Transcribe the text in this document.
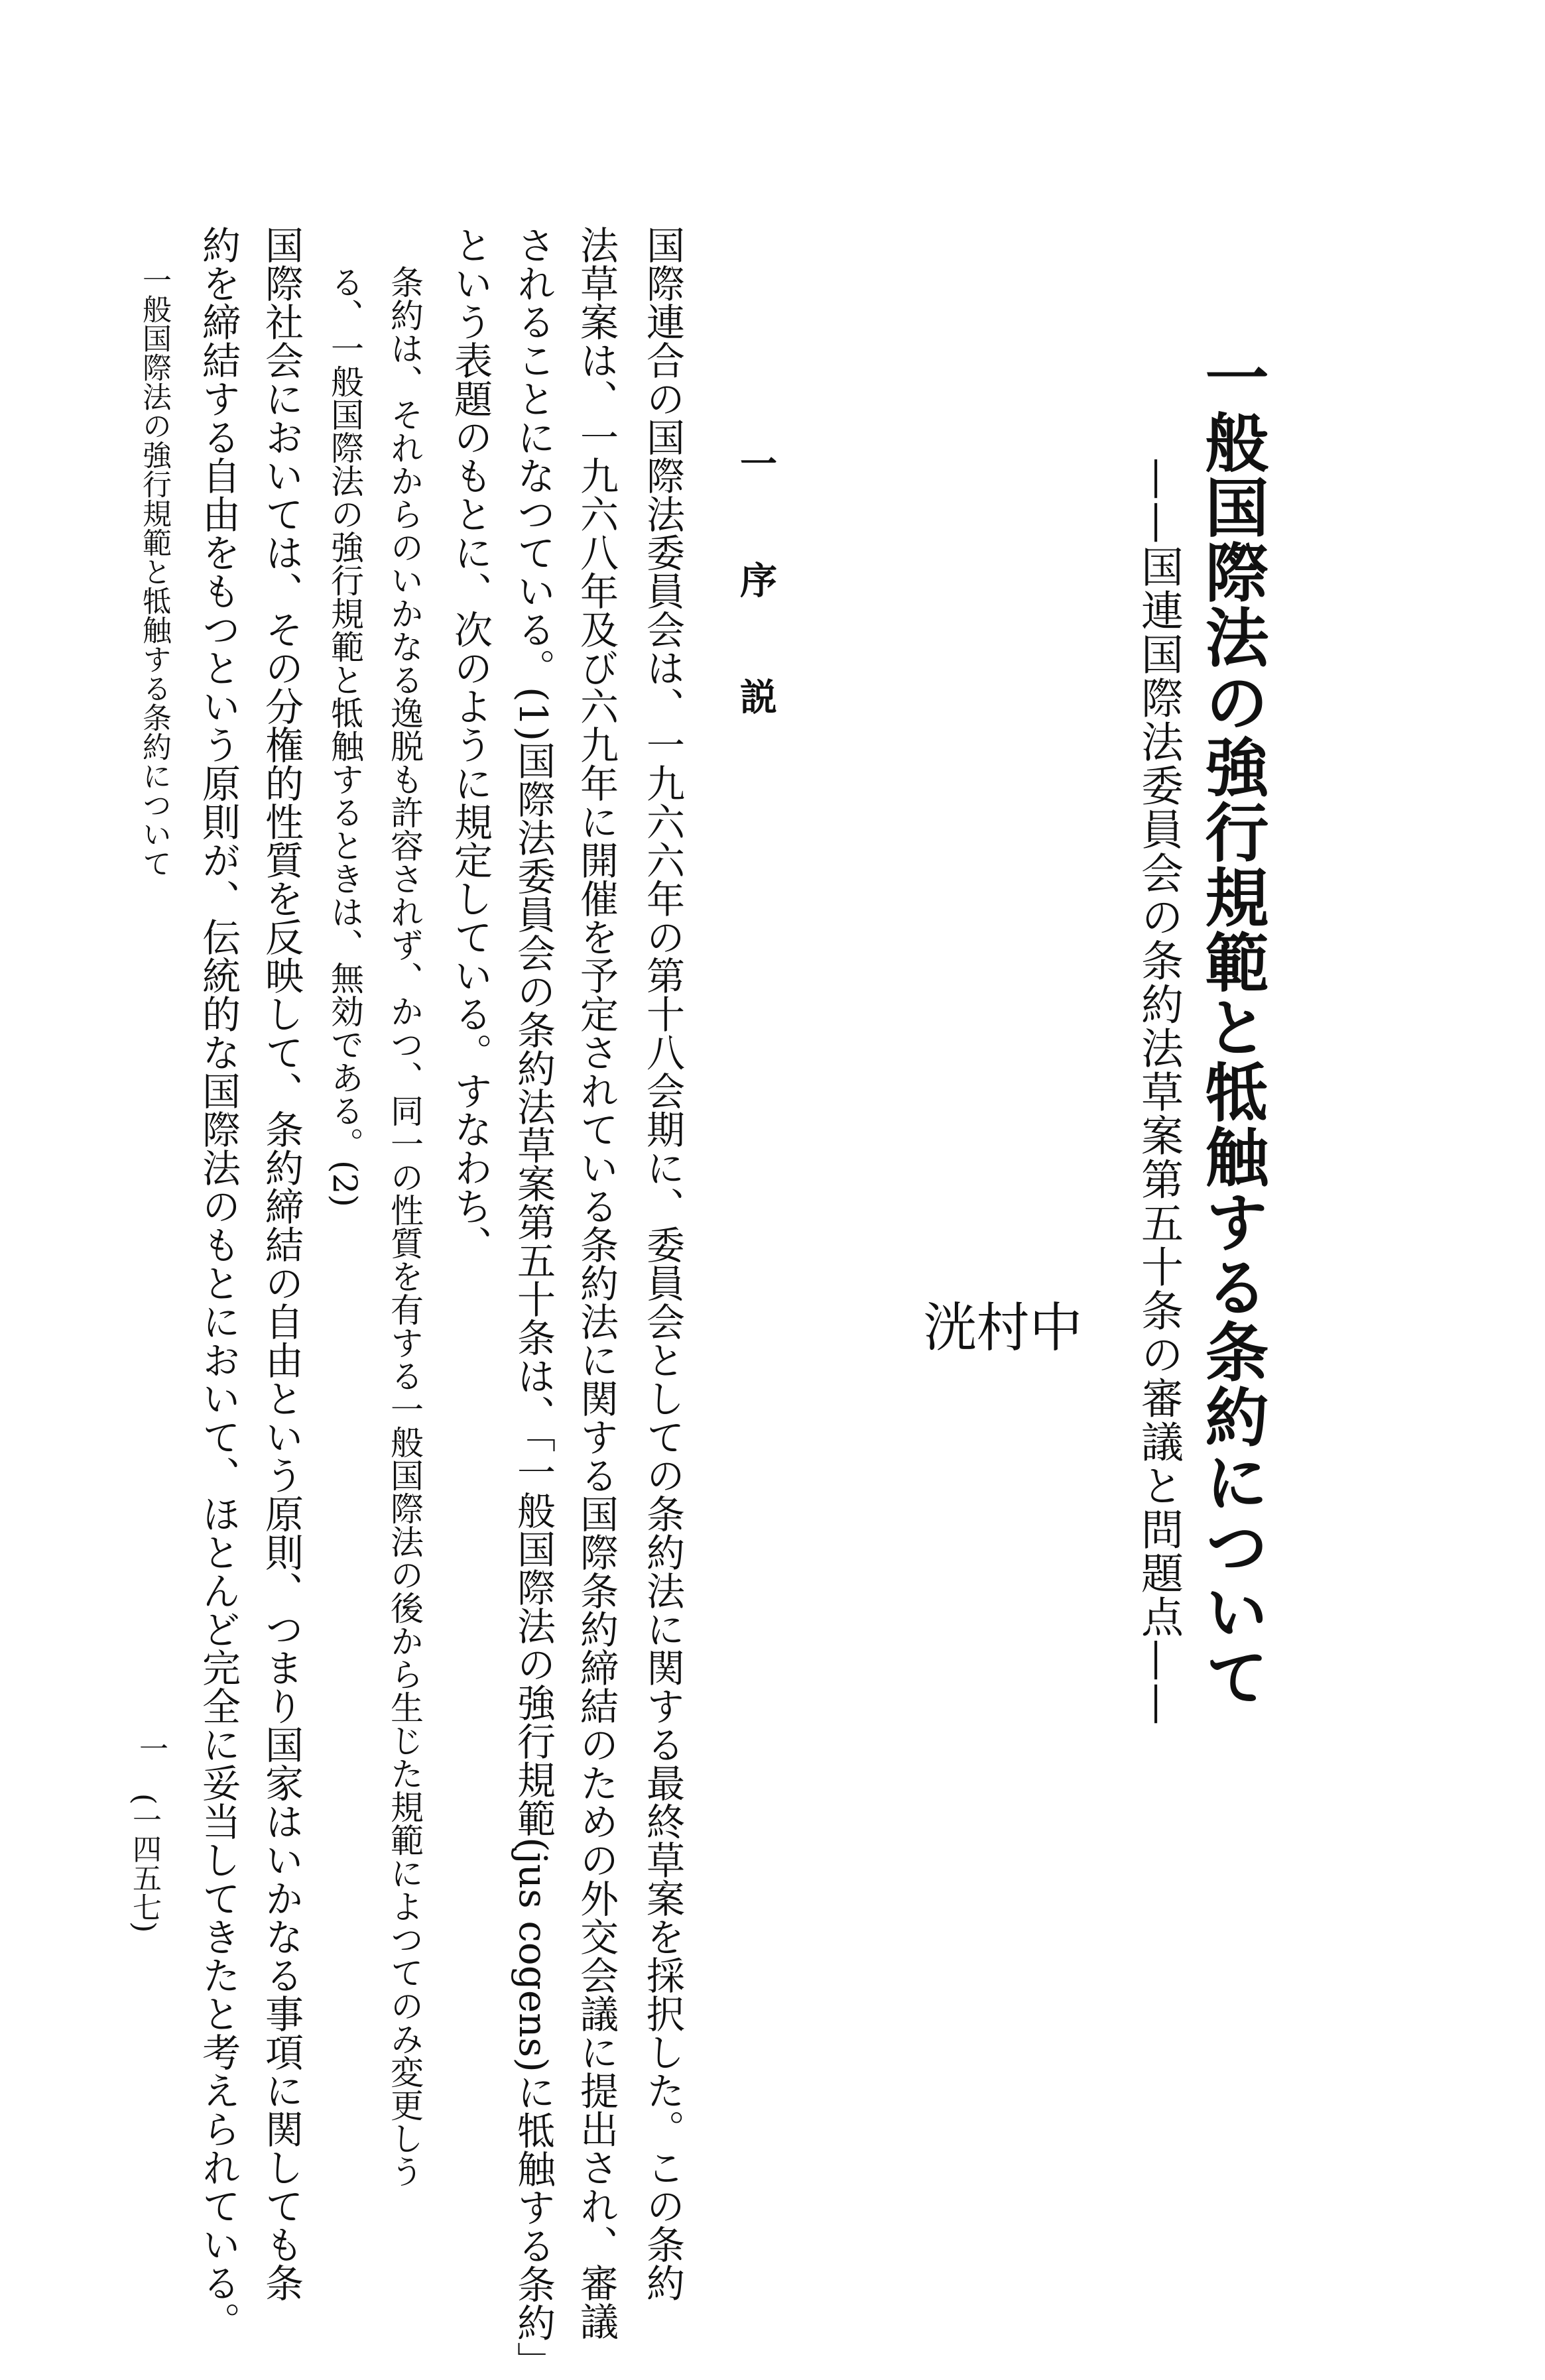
一般国際法の強行規範と牴触する条約について
——国連国際法委員会の条約法草案第五十条の審議と問題点——
中
村
洸
一序説
国際連合の国際法委員会は、一九六六年の第十八会期に、委員会としての条約法に関する最終草案を採択した。この条約
法草案は、一九六八年及び六九年に開催を予定されている条約法に関する国際条約締結のための外交会議に提出され、審議
されることになつている。(1)国際法委員会の条約法草案第五十条は、「一般国際法の強行規範(jus cogens)に牴触する条約」
という表題のもとに、次のように規定している。すなわち、
条約は、それからのいかなる逸脱も許容されず、かつ、同一の性質を有する一般国際法の後から生じた規範によつてのみ変更しう
る、一般国際法の強行規範と牴触するときは、無効である。(2)
国際社会においては、その分権的性質を反映して、条約締結の自由という原則、つまり国家はいかなる事項に関しても条
約を締結する自由をもつという原則が、伝統的な国際法のもとにおいて、ほとんど完全に妥当してきたと考えられている。
一般国際法の強行規範と牴触する条約について
一
(一四五七)
